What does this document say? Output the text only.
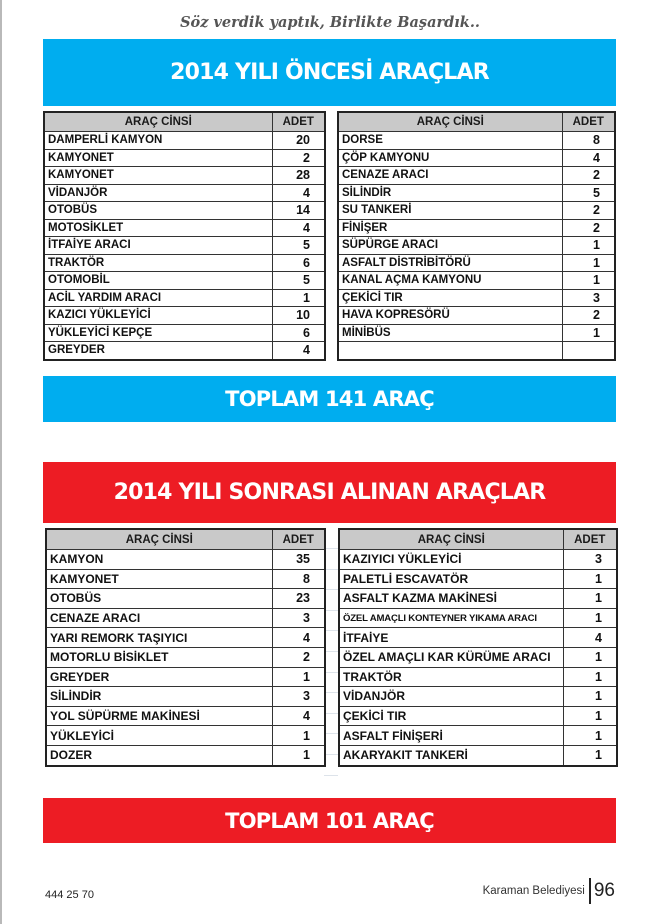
Söz verdik yaptık, Birlikte Başardık..
2014 YILI ÖNCESİ ARAÇLAR
ARAÇ CİNSİ	ADET
DAMPERLİ KAMYON	20
KAMYONET	2
KAMYONET	28
VİDANJÖR	4
OTOBÜS	14
MOTOSİKLET	4
İTFAİYE ARACI	5
TRAKTÖR	6
OTOMOBİL	5
ACİL YARDIM ARACI	1
KAZICI YÜKLEYİCİ	10
YÜKLEYİCİ KEPÇE	6
GREYDER	4
ARAÇ CİNSİ	ADET
DORSE	8
ÇÖP KAMYONU	4
CENAZE ARACI	2
SİLİNDİR	5
SU TANKERİ	2
FİNİŞER	2
SÜPÜRGE ARACI	1
ASFALT DİSTRİBİTÖRÜ	1
KANAL AÇMA KAMYONU	1
ÇEKİCİ TIR	3
HAVA KOPRESÖRÜ	2
MİNİBÜS	1

TOPLAM 141 ARAÇ
2014 YILI SONRASI ALINAN ARAÇLAR
ARAÇ CİNSİ	ADET
KAMYON	35
KAMYONET	8
OTOBÜS	23
CENAZE ARACI	3
YARI REMORK TAŞIYICI	4
MOTORLU BİSİKLET	2
GREYDER	1
SİLİNDİR	3
YOL SÜPÜRME MAKİNESİ	4
YÜKLEYİCİ	1
DOZER	1
ARAÇ CİNSİ	ADET
KAZIYICI YÜKLEYİCİ	3
PALETLİ ESCAVATÖR	1
ASFALT KAZMA MAKİNESİ	1
ÖZEL AMAÇLI KONTEYNER YIKAMA ARACI	1
İTFAİYE	4
ÖZEL AMAÇLI KAR KÜRÜME ARACI	1
TRAKTÖR	1
VİDANJÖR	1
ÇEKİCİ TIR	1
ASFALT FİNİŞERİ	1
AKARYAKIT TANKERİ	1
TOPLAM 101 ARAÇ
444 25 70	Karaman Belediyesi 96
